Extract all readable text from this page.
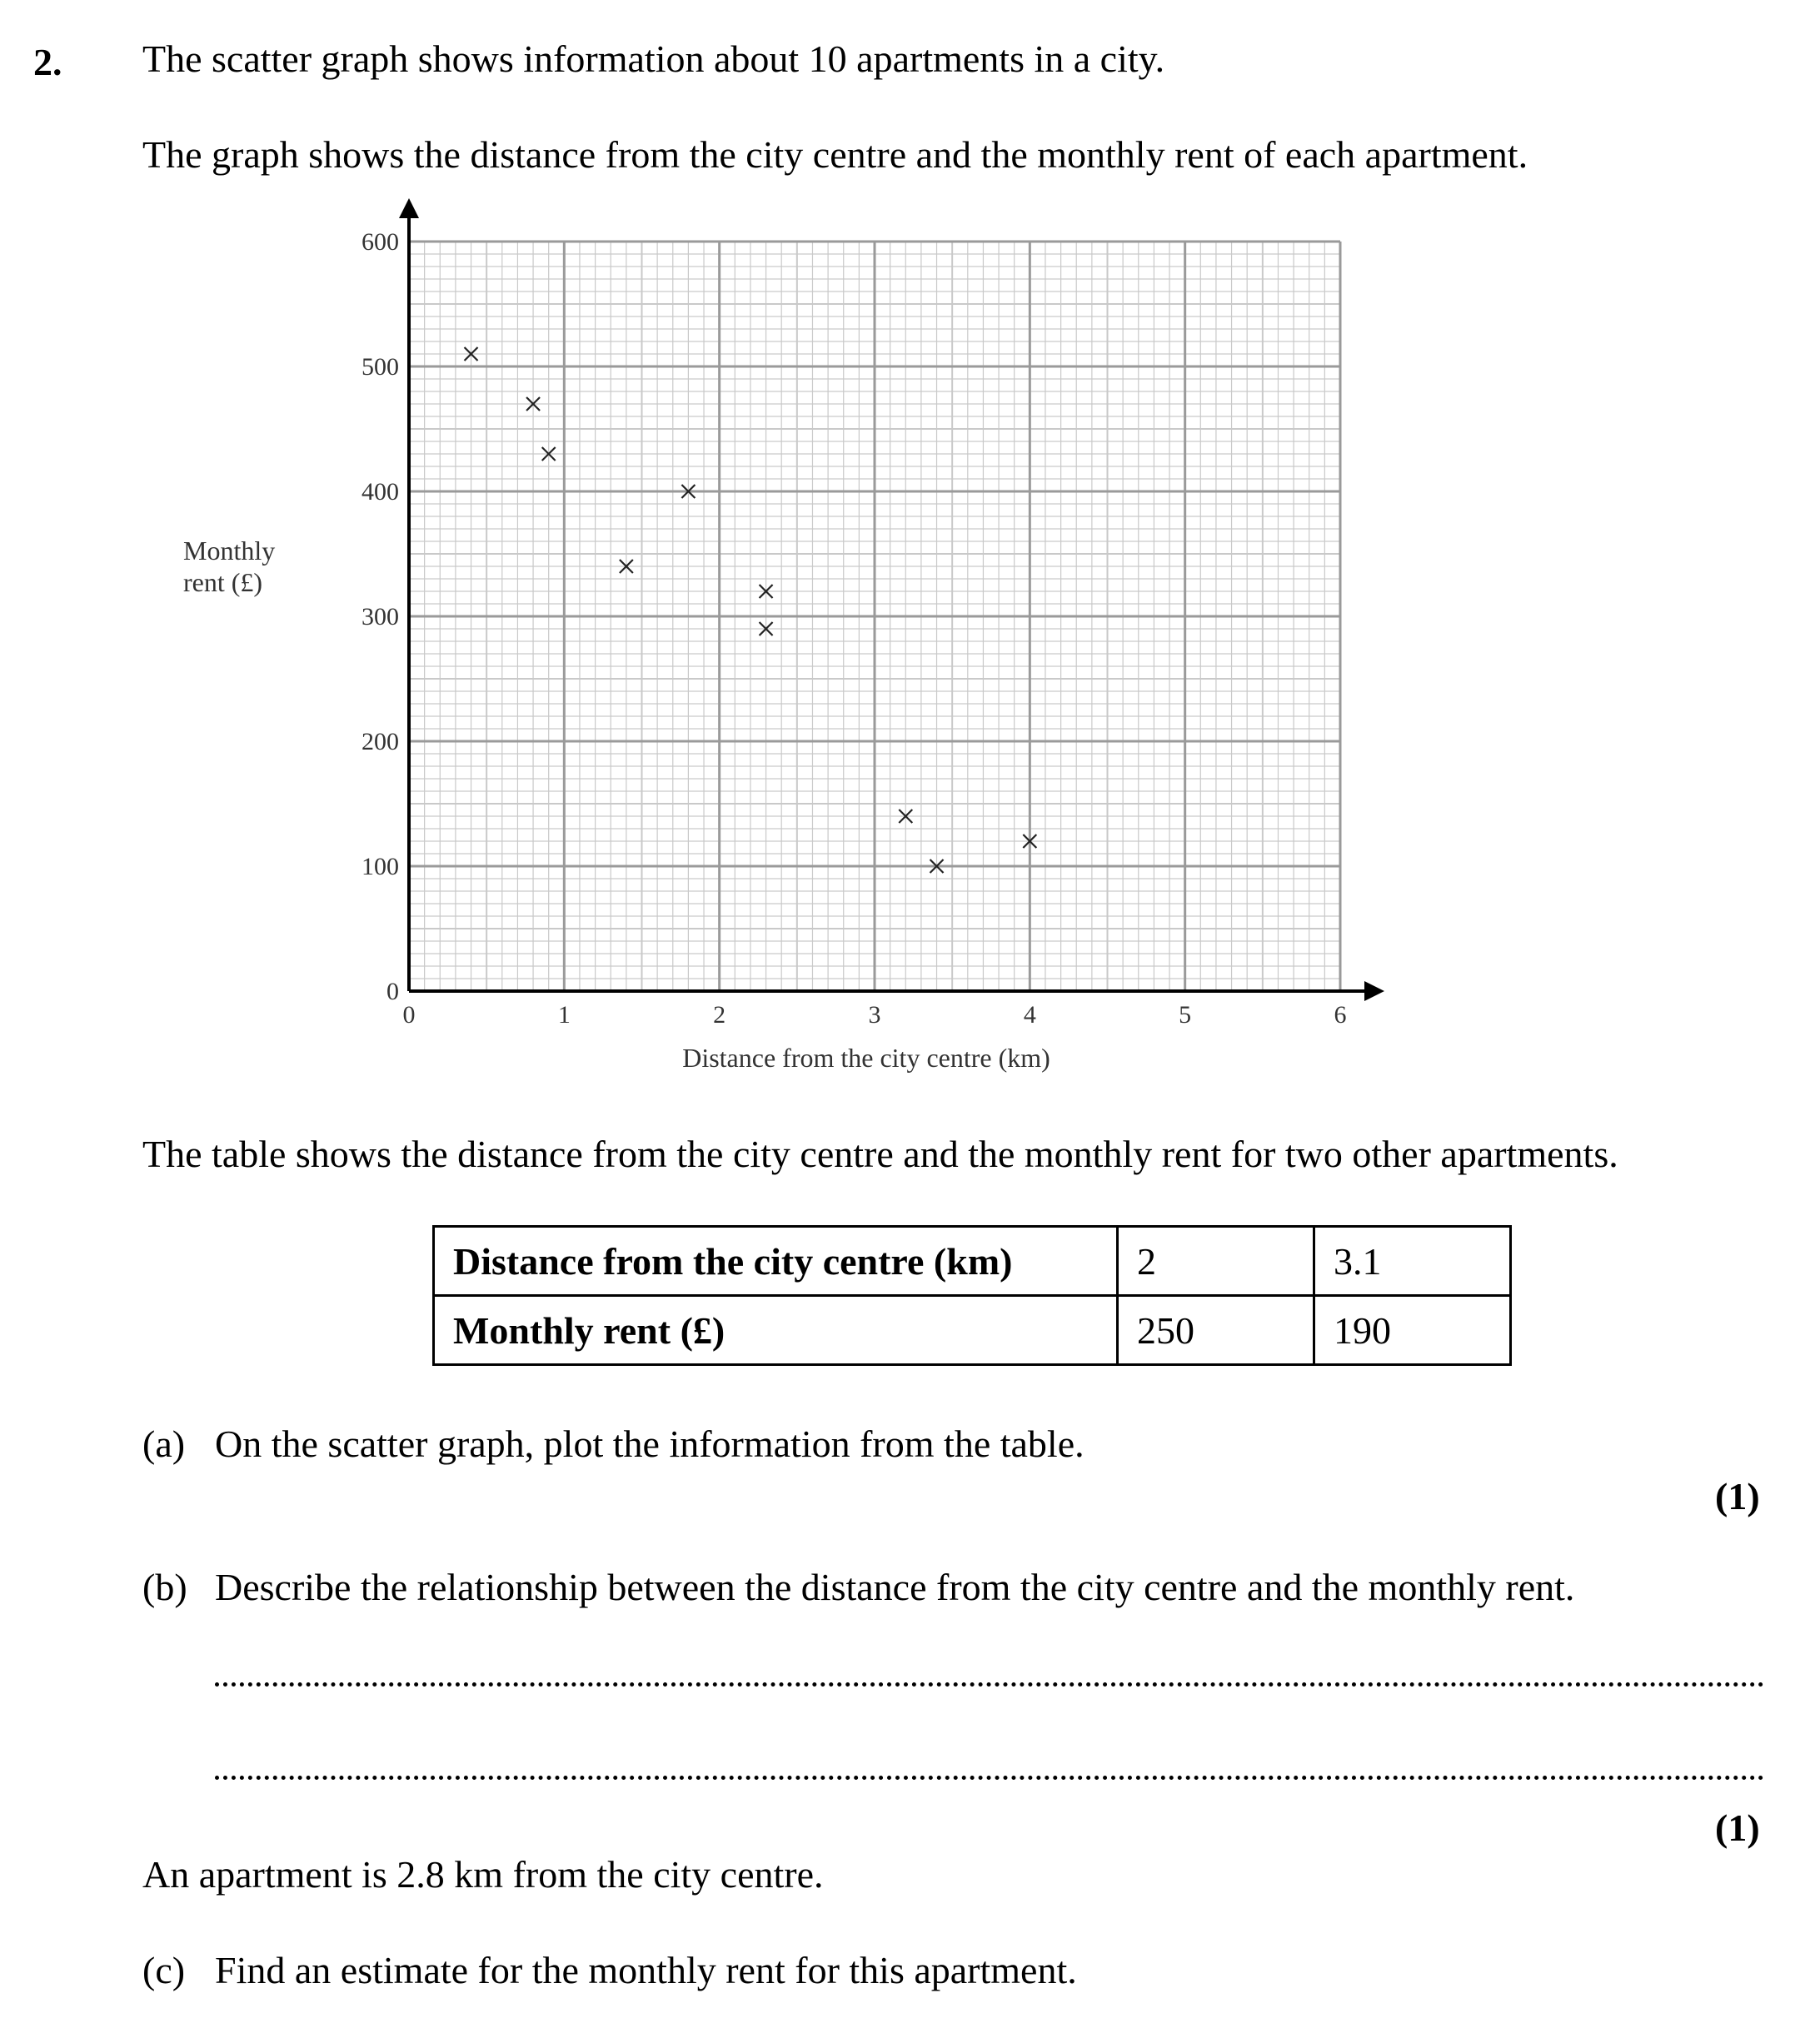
2. The scatter graph shows information about 10 apartments in a city.
The graph shows the distance from the city centre and the monthly rent of each apartment.
0	1	2	3	4	5	6
0
100
200
300
400
500
600
Distance from the city centre (km)
Monthly
rent (£)
The table shows the distance from the city centre and the monthly rent for two other apartments.
Distance from the city centre (km)	2	3.1
Monthly rent (£)	250	190
(a) On the scatter graph, plot the information from the table.
(1)
(b) Describe the relationship between the distance from the city centre and the monthly rent.
(1)
An apartment is 2.8 km from the city centre.
(c) Find an estimate for the monthly rent for this apartment.
